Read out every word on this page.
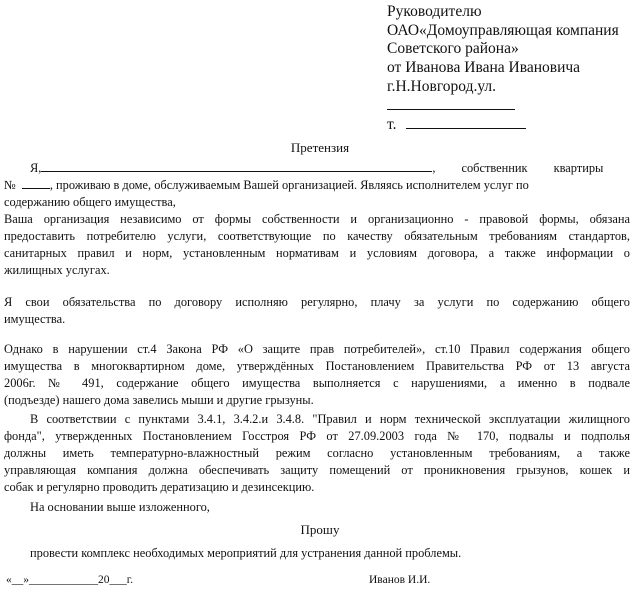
Руководителю
ОАО«Домоуправляющая компания
Советского района»
от Иванова Ивана Ивановича
г.Н.Новгород.ул.
т.
Претензия
Я,	, собственник квартиры
№	, проживаю в доме, обслуживаемым Вашей организацией. Являясь исполнителем услуг по
содержанию общего имущества,
Ваша организация независимо от формы собственности и организационно - правовой формы, обязана
предоставить потребителю услуги, соответствующие по качеству обязательным требованиям стандартов,
санитарных правил и норм, установленным нормативам и условиям договора, а также информации о
жилищных услугах.
Я свои обязательства по договору исполняю регулярно, плачу за услуги по содержанию общего
имущества.
Однако в нарушении ст.4 Закона РФ «О защите прав потребителей», ст.10 Правил содержания общего
имущества в многоквартирном доме, утверждённых Постановлением Правительства РФ от 13 августа
2006г. № 491, содержание общего имущества выполняется с нарушениями, а именно в подвале
(подъезде) нашего дома завелись мыши и другие грызуны.
В соответствии с пунктами 3.4.1, 3.4.2.и 3.4.8. "Правил и норм технической эксплуатации жилищного
фонда", утвержденных Постановлением Госстроя РФ от 27.09.2003 года № 170, подвалы и подполья
должны иметь температурно-влажностный режим согласно установленным требованиям, а также
управляющая компания должна обеспечивать защиту помещений от проникновения грызунов, кошек и
собак и регулярно проводить дератизацию и дезинсекцию.
На основании выше изложенного,
Прошу
провести комплекс необходимых мероприятий для устранения данной проблемы.
«__»____________20___г.	Иванов И.И.
